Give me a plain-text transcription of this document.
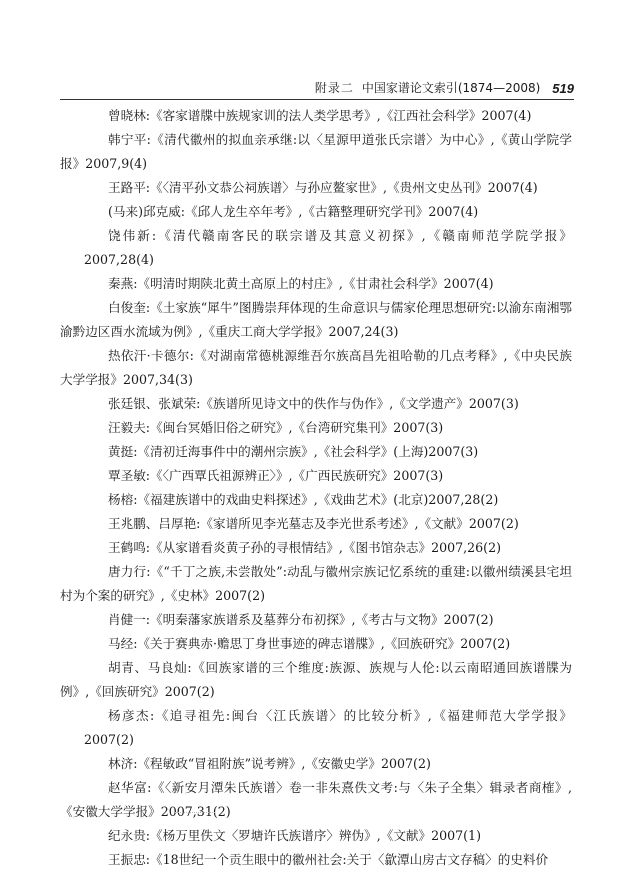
附录二 中国家谱论文索引(1874—2008) 519

曾晓林:《客家谱牒中族规家训的法人类学思考》,《江西社会科学》2007(4)

韩宁平:《清代徽州的拟血亲承继:以〈星源甲道张氏宗谱〉为中心》,《黄山学院学报》2007,9(4)

王路平:《〈清平孙文恭公祠族谱〉与孙应鳌家世》,《贵州文史丛刊》2007(4)

(马来)邱克威:《邱人龙生卒年考》,《古籍整理研究学刊》2007(4)

饶伟新:《清代赣南客民的联宗谱及其意义初探》,《赣南师范学院学报》2007,28(4)

秦燕:《明清时期陕北黄土高原上的村庄》,《甘肃社会科学》2007(4)

白俊奎:《土家族“犀牛”图腾崇拜体现的生命意识与儒家伦理思想研究:以渝东南湘鄂渝黔边区酉水流域为例》,《重庆工商大学学报》2007,24(3)

热依汗·卡德尔:《对湖南常德桃源维吾尔族高昌先祖哈勒的几点考释》,《中央民族大学学报》2007,34(3)

张廷银、张斌荣:《族谱所见诗文中的佚作与伪作》,《文学遗产》2007(3)

汪毅夫:《闽台冥婚旧俗之研究》,《台湾研究集刊》2007(3)

黄挺:《清初迁海事件中的潮州宗族》,《社会科学》(上海)2007(3)

覃圣敏:《〈广西覃氏祖源辨正〉》,《广西民族研究》2007(3)

杨榕:《福建族谱中的戏曲史料探述》,《戏曲艺术》(北京)2007,28(2)

王兆鹏、吕厚艳:《家谱所见李光墓志及李光世系考述》,《文献》2007(2)

王鹤鸣:《从家谱看炎黄子孙的寻根情结》,《图书馆杂志》2007,26(2)

唐力行:《“千丁之族,未尝散处”:动乱与徽州宗族记忆系统的重建:以徽州绩溪县宅坦村为个案的研究》,《史林》2007(2)

肖健一:《明秦藩家族谱系及墓葬分布初探》,《考古与文物》2007(2)

马经:《关于赛典赤·赡思丁身世事迹的碑志谱牒》,《回族研究》2007(2)

胡青、马良灿:《回族家谱的三个维度:族源、族规与人伦:以云南昭通回族谱牒为例》,《回族研究》2007(2)

杨彦杰:《追寻祖先:闽台〈江氏族谱〉的比较分析》,《福建师范大学学报》2007(2)

林济:《程敏政“冒祖附族”说考辨》,《安徽史学》2007(2)

赵华富:《〈新安月潭朱氏族谱〉卷一非朱熹佚文考:与〈朱子全集〉辑录者商榷》,《安徽大学学报》2007,31(2)

纪永贵:《杨万里佚文〈罗塘许氏族谱序〉辨伪》,《文献》2007(1)

王振忠:《18世纪一个贡生眼中的徽州社会:关于〈歙潭山房古文存稿〉的史料价
